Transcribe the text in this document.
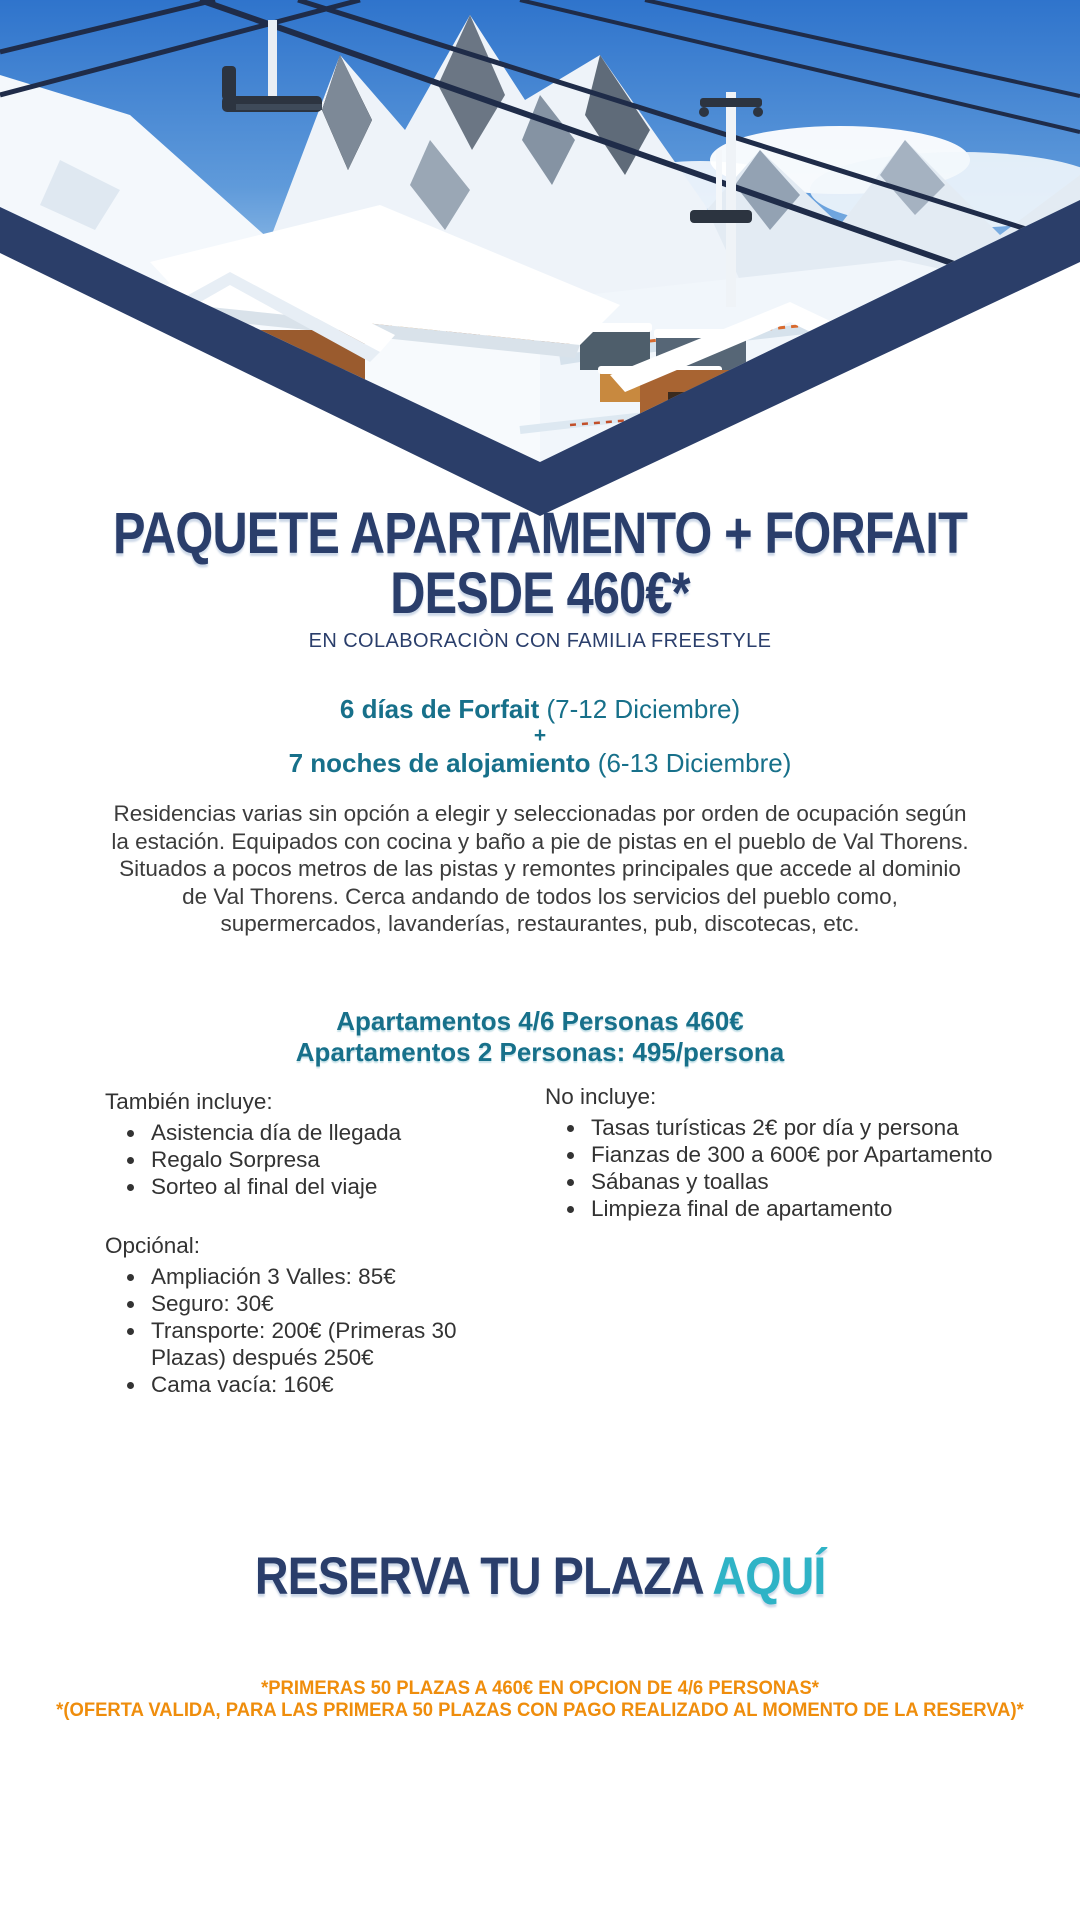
PAQUETE APARTAMENTO + FORFAIT
DESDE 460€*
EN COLABORACIÒN CON FAMILIA FREESTYLE
6 días de Forfait (7-12 Diciembre)
+
7 noches de alojamiento (6-13 Diciembre)

Residencias varias sin opción a elegir y seleccionadas por orden de ocupación según la estación. Equipados con cocina y baño a pie de pistas en el pueblo de Val Thorens. Situados a pocos metros de las pistas y remontes principales que accede al dominio de Val Thorens. Cerca andando de todos los servicios del pueblo como, supermercados, lavanderías, restaurantes, pub, discotecas, etc.

Apartamentos 4/6 Personas 460€
Apartamentos 2 Personas: 495/persona
También incluye:
• Asistencia día de llegada
• Regalo Sorpresa
• Sorteo al final del viaje
No incluye:
• Tasas turísticas 2€ por día y persona
• Fianzas de 300 a 600€ por Apartamento
• Sábanas y toallas
• Limpieza final de apartamento
Opciónal:
• Ampliación 3 Valles: 85€
• Seguro: 30€
• Transporte: 200€ (Primeras 30 Plazas) después 250€
• Cama vacía: 160€
RESERVA TU PLAZA AQUÍ
*PRIMERAS 50 PLAZAS A 460€ EN OPCION DE 4/6 PERSONAS*
*(OFERTA VALIDA, PARA LAS PRIMERA 50 PLAZAS CON PAGO REALIZADO AL MOMENTO DE LA RESERVA)*
